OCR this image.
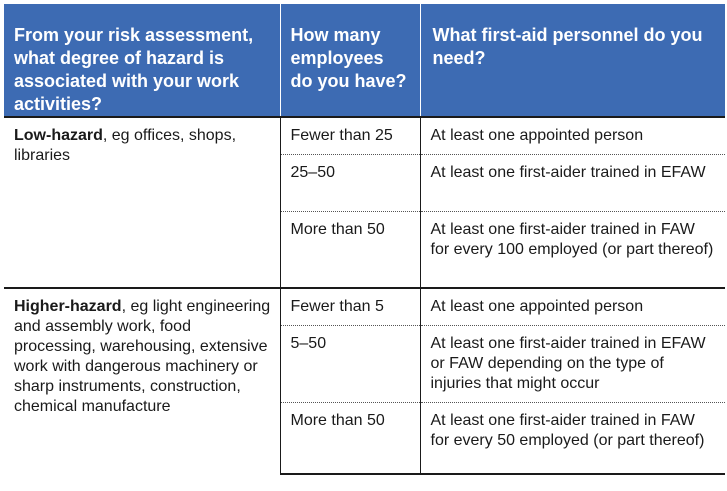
From your risk assessment, what degree of hazard is associated with your work activities?	How many employees do you have?	What first-aid personnel do you need?
Low-hazard, eg offices, shops, libraries	Fewer than 25	At least one appointed person
	25–50	At least one first-aider trained in EFAW
	More than 50	At least one first-aider trained in FAW for every 100 employed (or part thereof)
Higher-hazard, eg light engineering and assembly work, food processing, warehousing, extensive work with dangerous machinery or sharp instruments, construction, chemical manufacture	Fewer than 5	At least one appointed person
	5–50	At least one first-aider trained in EFAW or FAW depending on the type of injuries that might occur
	More than 50	At least one first-aider trained in FAW for every 50 employed (or part thereof)
